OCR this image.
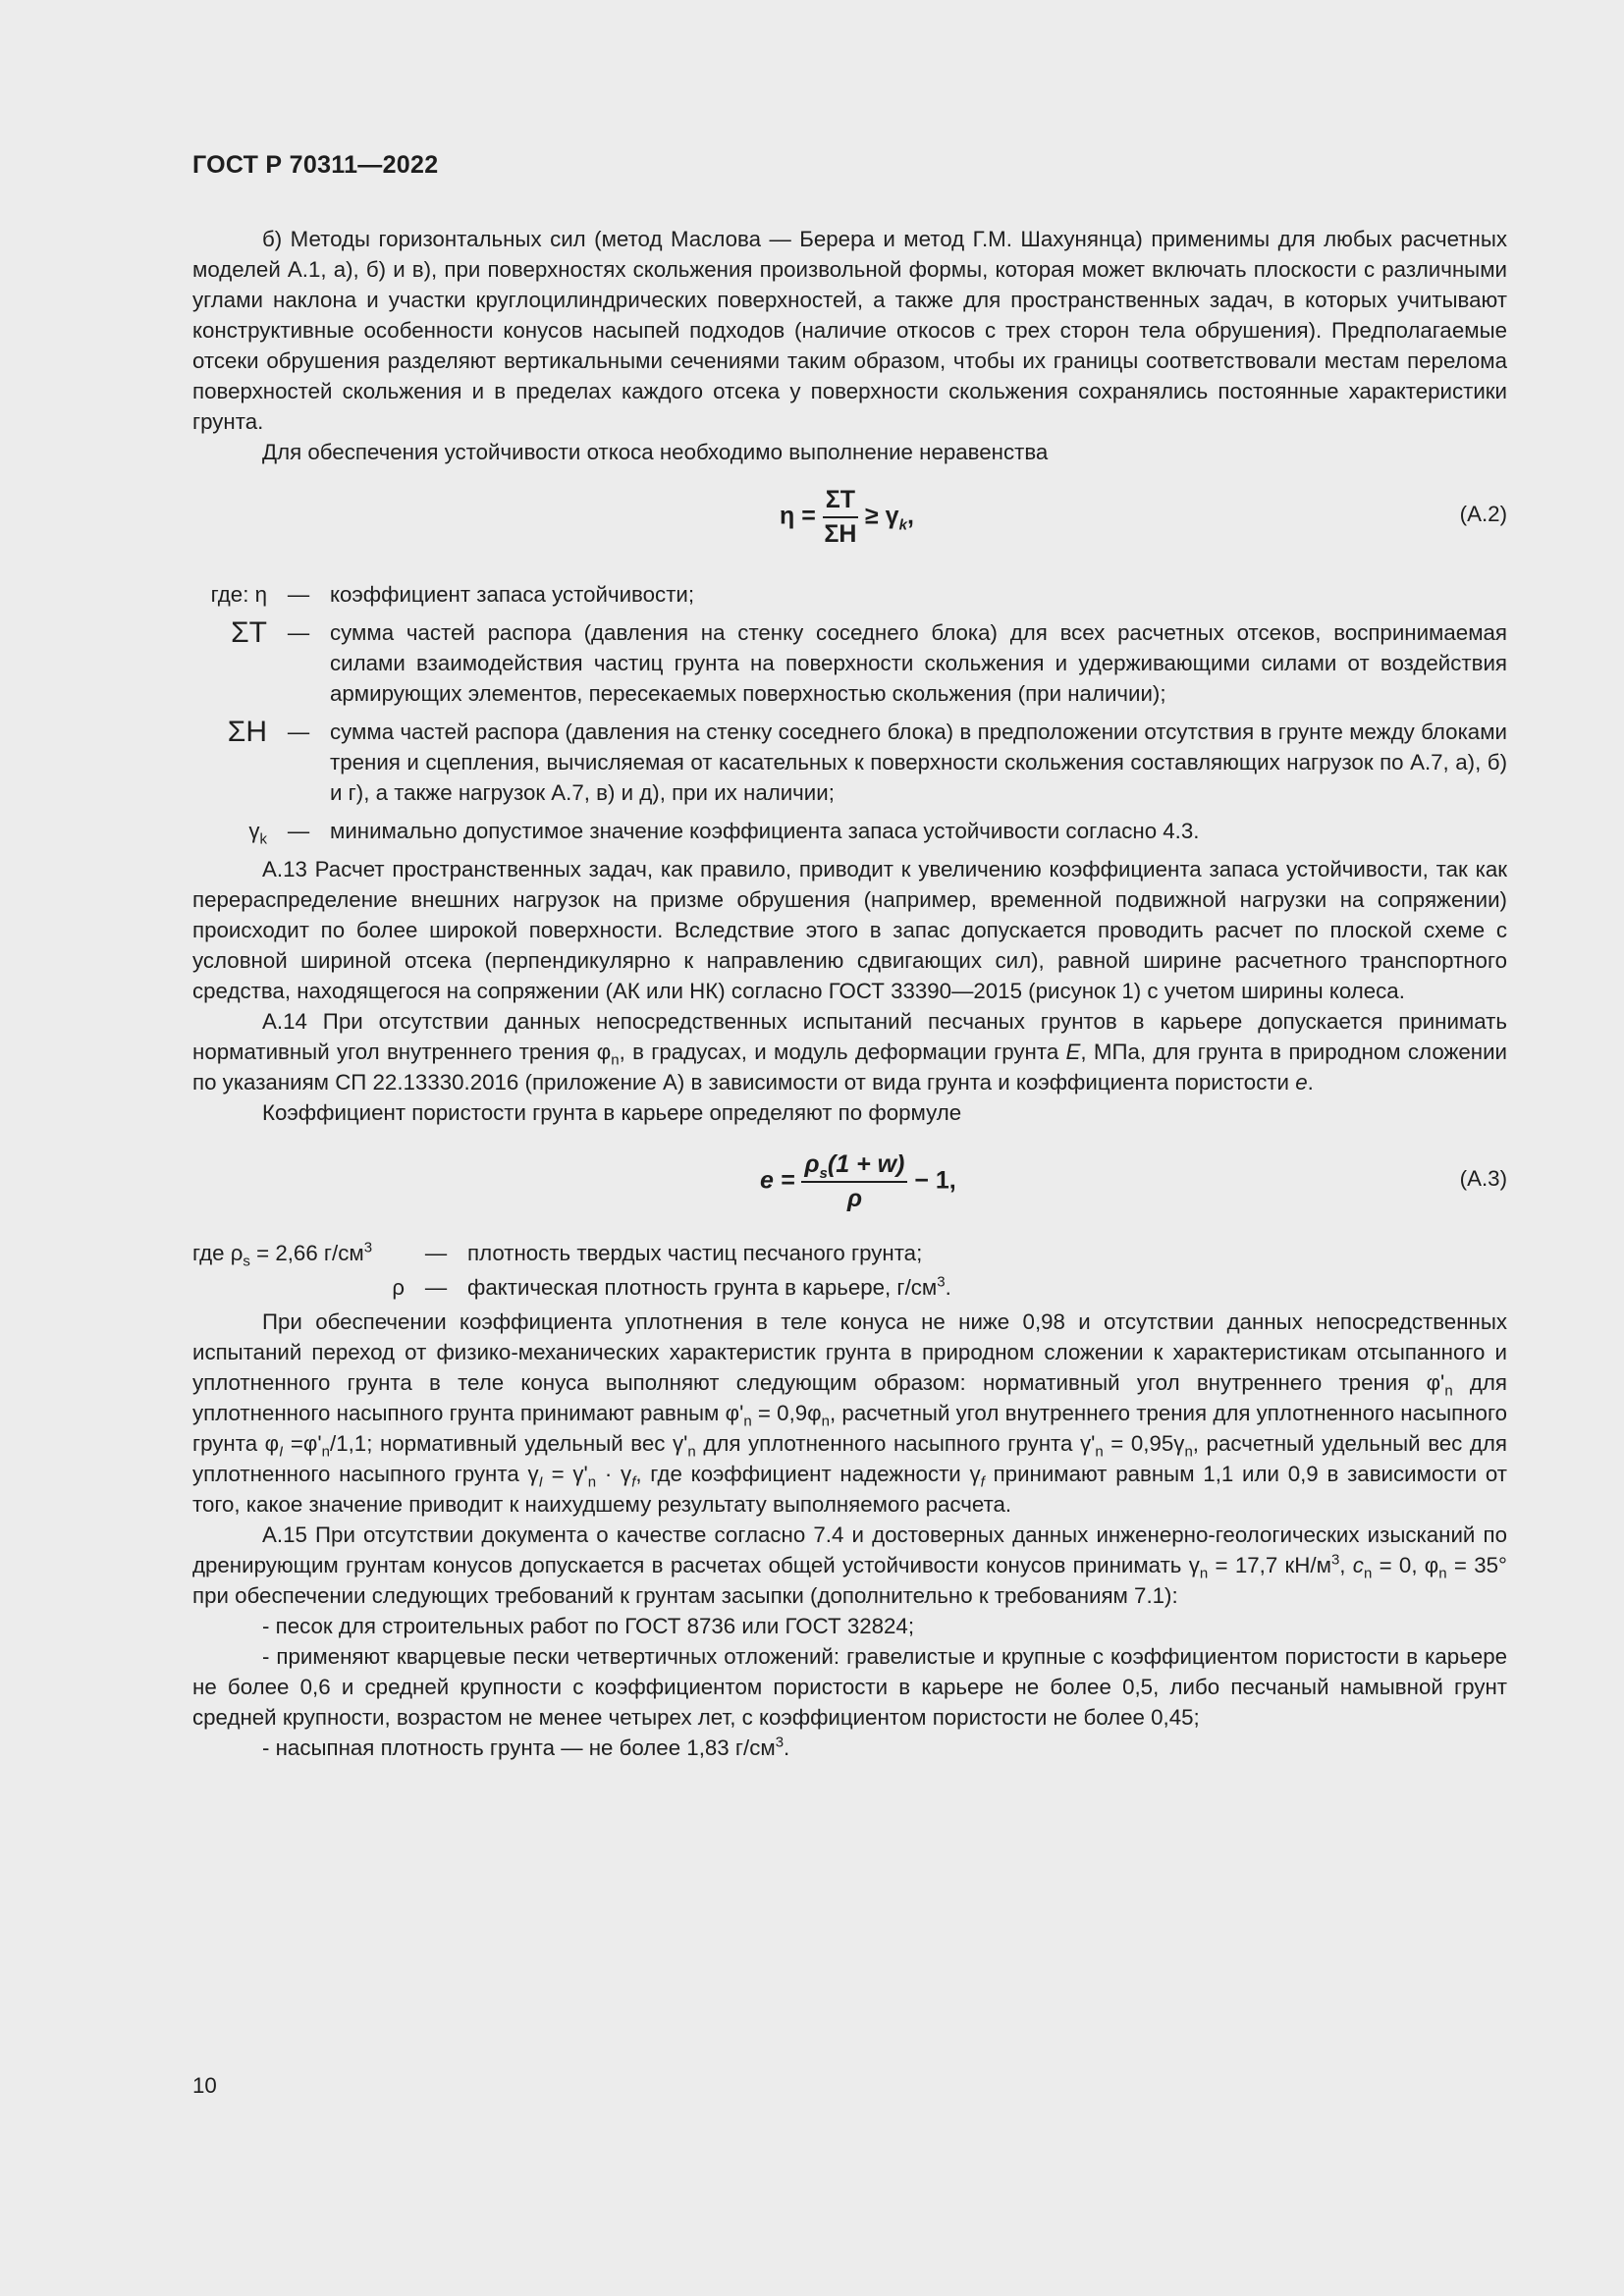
ГОСТ Р 70311—2022

б) Методы горизонтальных сил (метод Маслова — Берера и метод Г.М. Шахунянца) применимы для любых расчетных моделей А.1, а), б) и в), при поверхностях скольжения произвольной формы, которая может включать плоскости с различными углами наклона и участки круглоцилиндрических поверхностей, а также для пространственных задач, в которых учитывают конструктивные особенности конусов насыпей подходов (наличие откосов с трех сторон тела обрушения). Предполагаемые отсеки обрушения разделяют вертикальными сечениями таким образом, чтобы их границы соответствовали местам перелома поверхностей скольжения и в пределах каждого отсека у поверхности скольжения сохранялись постоянные характеристики грунта.

Для обеспечения устойчивости откоса необходимо выполнение неравенства

$\eta = \frac{\Sigma T}{\Sigma H} \ge \gamma_k$,	(А.2)
где: η — коэффициент запаса устойчивости;
ΣT — сумма частей распора (давления на стенку соседнего блока) для всех расчетных отсеков, воспринимаемая силами взаимодействия частиц грунта на поверхности скольжения и удерживающими силами от воздействия армирующих элементов, пересекаемых поверхностью скольжения (при наличии);
ΣH — сумма частей распора (давления на стенку соседнего блока) в предположении отсутствия в грунте между блоками трения и сцепления, вычисляемая от касательных к поверхности скольжения составляющих нагрузок по А.7, а), б) и г), а также нагрузок А.7, в) и д), при их наличии;
$\gamma_k$ — минимально допустимое значение коэффициента запаса устойчивости согласно 4.3.

А.13 Расчет пространственных задач, как правило, приводит к увеличению коэффициента запаса устойчивости, так как перераспределение внешних нагрузок на призме обрушения (например, временной подвижной нагрузки на сопряжении) происходит по более широкой поверхности. Вследствие этого в запас допускается проводить расчет по плоской схеме с условной шириной отсека (перпендикулярно к направлению сдвигающих сил), равной ширине расчетного транспортного средства, находящегося на сопряжении (АК или НК) согласно ГОСТ 33390—2015 (рисунок 1) с учетом ширины колеса.

А.14 При отсутствии данных непосредственных испытаний песчаных грунтов в карьере допускается принимать нормативный угол внутреннего трения $\varphi_n$, в градусах, и модуль деформации грунта E, МПа, для грунта в природном сложении по указаниям СП 22.13330.2016 (приложение А) в зависимости от вида грунта и коэффициента пористости e.

Коэффициент пористости грунта в карьере определяют по формуле

$e = \frac{\rho_s(1 + w)}{\rho} - 1$,	(А.3)
где $\rho_s = 2,66$ $г/см^3$	— плотность твердых частиц песчаного грунта;
ρ — фактическая плотность грунта в карьере, $г/см^3$.

При обеспечении коэффициента уплотнения в теле конуса не ниже 0,98 и отсутствии данных непосредственных испытаний переход от физико-механических характеристик грунта в природном сложении к характеристикам отсыпанного и уплотненного грунта в теле конуса выполняют следующим образом: нормативный угол внутреннего трения $\varphi'_n$ для уплотненного насыпного грунта принимают равным $\varphi'_n = 0,9\varphi_n$, расчетный угол внутреннего трения для уплотненного насыпного грунта $\varphi_I =\varphi'_n/1,1$; нормативный удельный вес $\gamma'_n$ для уплотненного насыпного грунта $\gamma'_n = 0,95\gamma_n$, расчетный удельный вес для уплотненного насыпного грунта $\gamma_I = \gamma'_n \cdot \gamma_f$, где коэффициент надежности $\gamma_f$ принимают равным 1,1 или 0,9 в зависимости от того, какое значение приводит к наихудшему результату выполняемого расчета.

А.15 При отсутствии документа о качестве согласно 7.4 и достоверных данных инженерно-геологических изысканий по дренирующим грунтам конусов допускается в расчетах общей устойчивости конусов принимать $\gamma_n = 17,7$ $кН/м^3$, $c_n = 0$, $\varphi_n = 35^\circ$ при обеспечении следующих требований к грунтам засыпки (дополнительно к требованиям 7.1):

- песок для строительных работ по ГОСТ 8736 или ГОСТ 32824;

- применяют кварцевые пески четвертичных отложений: гравелистые и крупные с коэффициентом пористости в карьере не более 0,6 и средней крупности с коэффициентом пористости в карьере не более 0,5, либо песчаный намывной грунт средней крупности, возрастом не менее четырех лет, с коэффициентом пористости не более 0,45;

- насыпная плотность грунта — не более 1,83 $г/см^3$.

10
